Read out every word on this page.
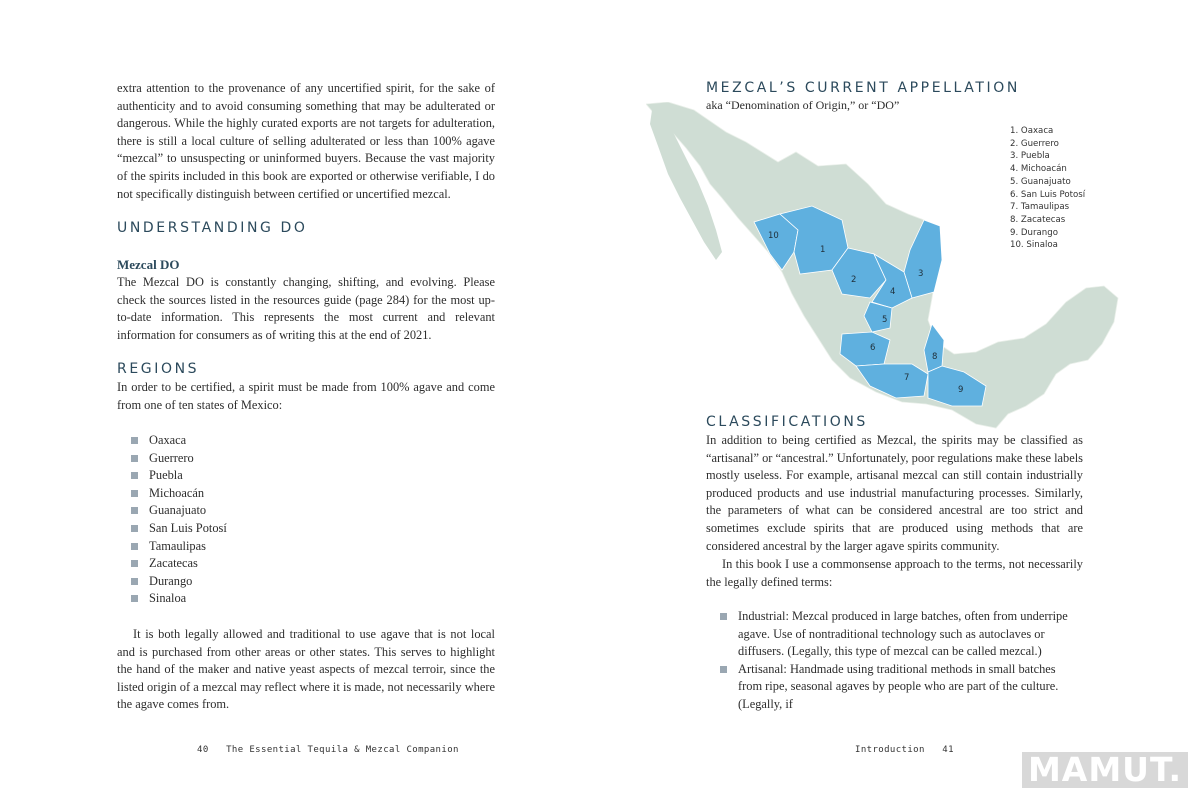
extra attention to the provenance of any uncertified spirit, for the sake of authenticity and to avoid consuming something that may be adulterated or dangerous. While the highly curated exports are not targets for adulteration, there is still a local culture of selling adulterated or less than 100% agave “mezcal” to unsuspecting or uninformed buyers. Because the vast majority of the spirits included in this book are exported or otherwise verifiable, I do not specifically distinguish between certified or uncertified mezcal.

UNDERSTANDING DO
Mezcal DO

The Mezcal DO is constantly changing, shifting, and evolving. Please check the sources listed in the resources guide (page 284) for the most up-to-date information. This represents the most current and relevant information for consumers as of writing this at the end of 2021.

REGIONS

In order to be certified, a spirit must be made from 100% agave and come from one of ten states of Mexico:

Oaxaca
Guerrero
Puebla
Michoacán
Guanajuato
San Luis Potosí
Tamaulipas
Zacatecas
Durango
Sinaloa

It is both legally allowed and traditional to use agave that is not local and is purchased from other areas or other states. This serves to highlight the hand of the maker and native yeast aspects of mezcal terroir, since the listed origin of a mezcal may reflect where it is made, not necessarily where the agave comes from.

40   The Essential Tequila & Mezcal Companion

MEZCAL’S CURRENT APPELLATION

aka “Denomination of Origin,” or “DO”

10
1
2
3
4
5
6
8
7
9
1. Oaxaca
2. Guerrero
3. Puebla
4. Michoacán
5. Guanajuato
6. San Luis Potosí
7. Tamaulipas
8. Zacatecas
9. Durango
10. Sinaloa
CLASSIFICATIONS

In addition to being certified as Mezcal, the spirits may be classified as “artisanal” or “ancestral.” Unfortunately, poor regulations make these labels mostly useless. For example, artisanal mezcal can still contain industrially produced products and use industrial manufacturing processes. Similarly, the parameters of what can be considered ancestral are too strict and sometimes exclude spirits that are produced using methods that are considered ancestral by the larger agave spirits community.

In this book I use a commonsense approach to the terms, not necessarily the legally defined terms:

Industrial: Mezcal produced in large batches, often from underripe agave. Use of nontraditional technology such as autoclaves or diffusers. (Legally, this type of mezcal can be called mezcal.)
Artisanal: Handmade using traditional methods in small batches from ripe, seasonal agaves by people who are part of the culture. (Legally, if

Introduction   41 MAMUT.
